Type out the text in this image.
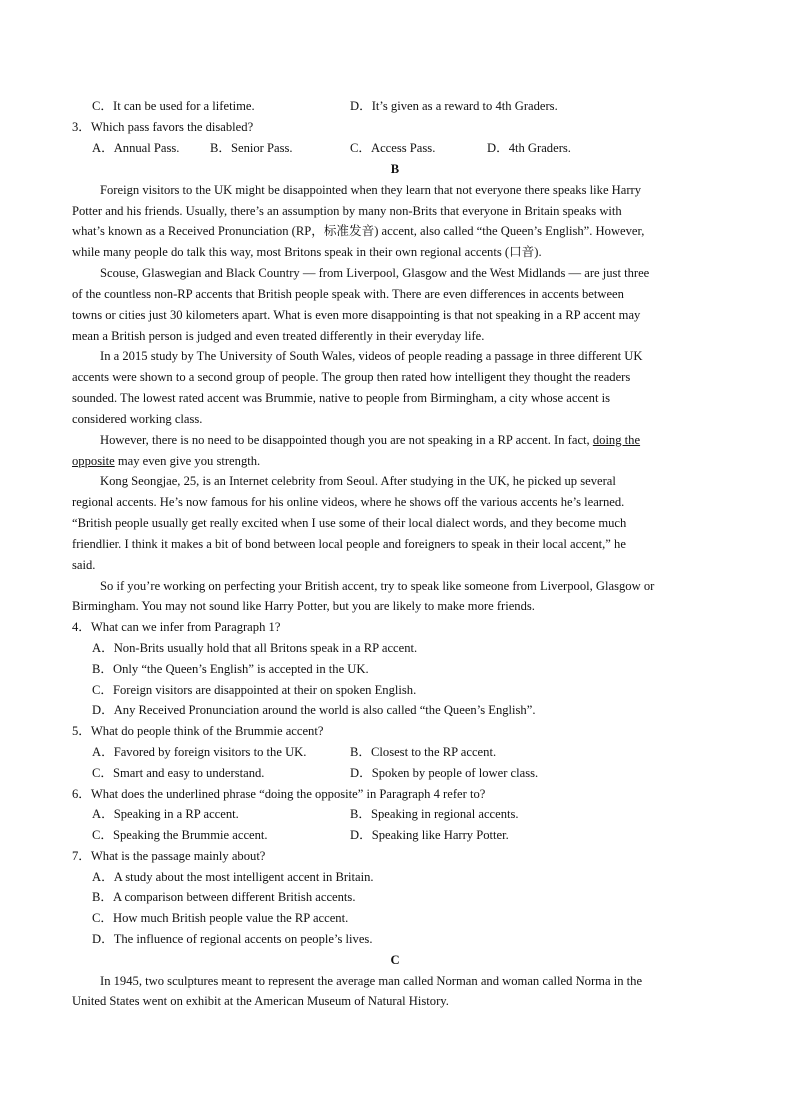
C．It can be used for a lifetime.	D．It’s given as a reward to 4th Graders.
3．Which pass favors the disabled?
A．Annual Pass. B．Senior Pass.	C．Access Pass.	D．4th Graders.
B
Foreign visitors to the UK might be disappointed when they learn that not everyone there speaks like Harry
Potter and his friends. Usually, there’s an assumption by many non-Brits that everyone in Britain speaks with
what’s known as a Received Pronunciation (RP，标准发音) accent, also called “the Queen’s English”. However,
while many people do talk this way, most Britons speak in their own regional accents (口音).
Scouse, Glaswegian and Black Country — from Liverpool, Glasgow and the West Midlands — are just three
of the countless non-RP accents that British people speak with. There are even differences in accents between
towns or cities just 30 kilometers apart. What is even more disappointing is that not speaking in a RP accent may
mean a British person is judged and even treated differently in their everyday life.
In a 2015 study by The University of South Wales, videos of people reading a passage in three different UK
accents were shown to a second group of people. The group then rated how intelligent they thought the readers
sounded. The lowest rated accent was Brummie, native to people from Birmingham, a city whose accent is
considered working class.
However, there is no need to be disappointed though you are not speaking in a RP accent. In fact, doing the
opposite may even give you strength.
Kong Seongjae, 25, is an Internet celebrity from Seoul. After studying in the UK, he picked up several
regional accents. He’s now famous for his online videos, where he shows off the various accents he’s learned.
“British people usually get really excited when I use some of their local dialect words, and they become much
friendlier. I think it makes a bit of bond between local people and foreigners to speak in their local accent,” he
said.
So if you’re working on perfecting your British accent, try to speak like someone from Liverpool, Glasgow or
Birmingham. You may not sound like Harry Potter, but you are likely to make more friends.
4．What can we infer from Paragraph 1?
A．Non-Brits usually hold that all Britons speak in a RP accent.
B．Only “the Queen’s English” is accepted in the UK.
C．Foreign visitors are disappointed at their on spoken English.
D．Any Received Pronunciation around the world is also called “the Queen’s English”.
5．What do people think of the Brummie accent?
A．Favored by foreign visitors to the UK.	B．Closest to the RP accent.
C．Smart and easy to understand.	D．Spoken by people of lower class.
6．What does the underlined phrase “doing the opposite” in Paragraph 4 refer to?
A．Speaking in a RP accent.	B．Speaking in regional accents.
C．Speaking the Brummie accent.	D．Speaking like Harry Potter.
7．What is the passage mainly about?
A．A study about the most intelligent accent in Britain.
B．A comparison between different British accents.
C．How much British people value the RP accent.
D．The influence of regional accents on people’s lives.
C
In 1945, two sculptures meant to represent the average man called Norman and woman called Norma in the
United States went on exhibit at the American Museum of Natural History.
